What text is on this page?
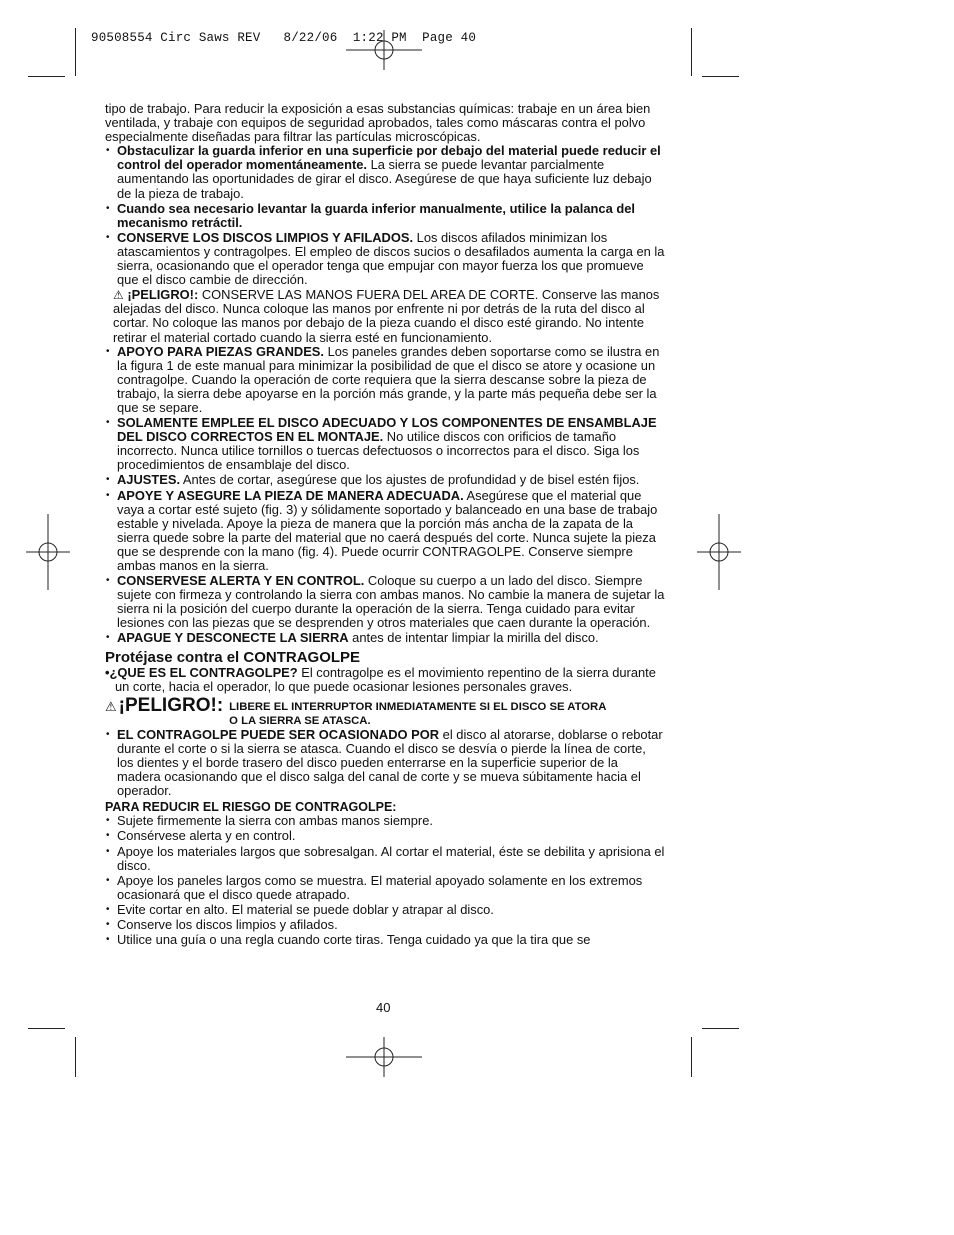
90508554 Circ Saws REV   8/22/06  1:22 PM  Page 40

tipo de trabajo. Para reducir la exposición a esas substancias químicas: trabaje en un área bien ventilada, y trabaje con equipos de seguridad aprobados, tales como máscaras contra el polvo especialmente diseñadas para filtrar las partículas microscópicas.

• Obstaculizar la guarda inferior en una superficie por debajo del material puede reducir el control del operador momentáneamente. La sierra se puede levantar parcialmente aumentando las oportunidades de girar el disco. Asegúrese de que haya suficiente luz debajo de la pieza de trabajo.
• Cuando sea necesario levantar la guarda inferior manualmente, utilice la palanca del mecanismo retráctil.
• CONSERVE LOS DISCOS LIMPIOS Y AFILADOS. Los discos afilados minimizan los atascamientos y contragolpes. El empleo de discos sucios o desafilados aumenta la carga en la sierra, ocasionando que el operador tenga que empujar con mayor fuerza los que promueve que el disco cambie de dirección.

⚠ ¡PELIGRO!: CONSERVE LAS MANOS FUERA DEL AREA DE CORTE. Conserve las manos alejadas del disco. Nunca coloque las manos por enfrente ni por detrás de la ruta del disco al cortar. No coloque las manos por debajo de la pieza cuando el disco esté girando. No intente retirar el material cortado cuando la sierra esté en funcionamiento.

• APOYO PARA PIEZAS GRANDES. Los paneles grandes deben soportarse como se ilustra en la figura 1 de este manual para minimizar la posibilidad de que el disco se atore y ocasione un contragolpe. Cuando la operación de corte requiera que la sierra descanse sobre la pieza de trabajo, la sierra debe apoyarse en la porción más grande, y la parte más pequeña debe ser la que se separe.
• SOLAMENTE EMPLEE EL DISCO ADECUADO Y LOS COMPONENTES DE ENSAMBLAJE DEL DISCO CORRECTOS EN EL MONTAJE. No utilice discos con orificios de tamaño incorrecto. Nunca utilice tornillos o tuercas defectuosos o incorrectos para el disco. Siga los procedimientos de ensamblaje del disco.
• AJUSTES. Antes de cortar, asegúrese que los ajustes de profundidad y de bisel estén fijos.
• APOYE Y ASEGURE LA PIEZA DE MANERA ADECUADA. Asegúrese que el material que vaya a cortar esté sujeto (fig. 3) y sólidamente soportado y balanceado en una base de trabajo estable y nivelada. Apoye la pieza de manera que la porción más ancha de la zapata de la sierra quede sobre la parte del material que no caerá después del corte. Nunca sujete la pieza que se desprende con la mano (fig. 4). Puede ocurrir CONTRAGOLPE. Conserve siempre ambas manos en la sierra.
• CONSERVESE ALERTA Y EN CONTROL. Coloque su cuerpo a un lado del disco. Siempre sujete con firmeza y controlando la sierra con ambas manos. No cambie la manera de sujetar la sierra ni la posición del cuerpo durante la operación de la sierra. Tenga cuidado para evitar lesiones con las piezas que se desprenden y otros materiales que caen durante la operación.
• APAGUE Y DESCONECTE LA SIERRA antes de intentar limpiar la mirilla del disco.
Protéjase contra el CONTRAGOLPE

•¿QUE ES EL CONTRAGOLPE? El contragolpe es el movimiento repentino de la sierra durante un corte, hacia el operador, lo que puede ocasionar lesiones personales graves.

⚠ ¡PELIGRO!: LIBERE EL INTERRUPTOR INMEDIATAMENTE SI EL DISCO SE ATORA
O LA SIERRA SE ATASCA.
• EL CONTRAGOLPE PUEDE SER OCASIONADO POR el disco al atorarse, doblarse o rebotar durante el corte o si la sierra se atasca. Cuando el disco se desvía o pierde la línea de corte, los dientes y el borde trasero del disco pueden enterrarse en la superficie superior de la madera ocasionando que el disco salga del canal de corte y se mueva súbitamente hacia el operador.
PARA REDUCIR EL RIESGO DE CONTRAGOLPE:
• Sujete firmemente la sierra con ambas manos siempre.
• Consérvese alerta y en control.
• Apoye los materiales largos que sobresalgan. Al cortar el material, éste se debilita y aprisiona el disco.
• Apoye los paneles largos como se muestra. El material apoyado solamente en los extremos ocasionará que el disco quede atrapado.
• Evite cortar en alto. El material se puede doblar y atrapar al disco.
• Conserve los discos limpios y afilados.
• Utilice una guía o una regla cuando corte tiras. Tenga cuidado ya que la tira que se
40
